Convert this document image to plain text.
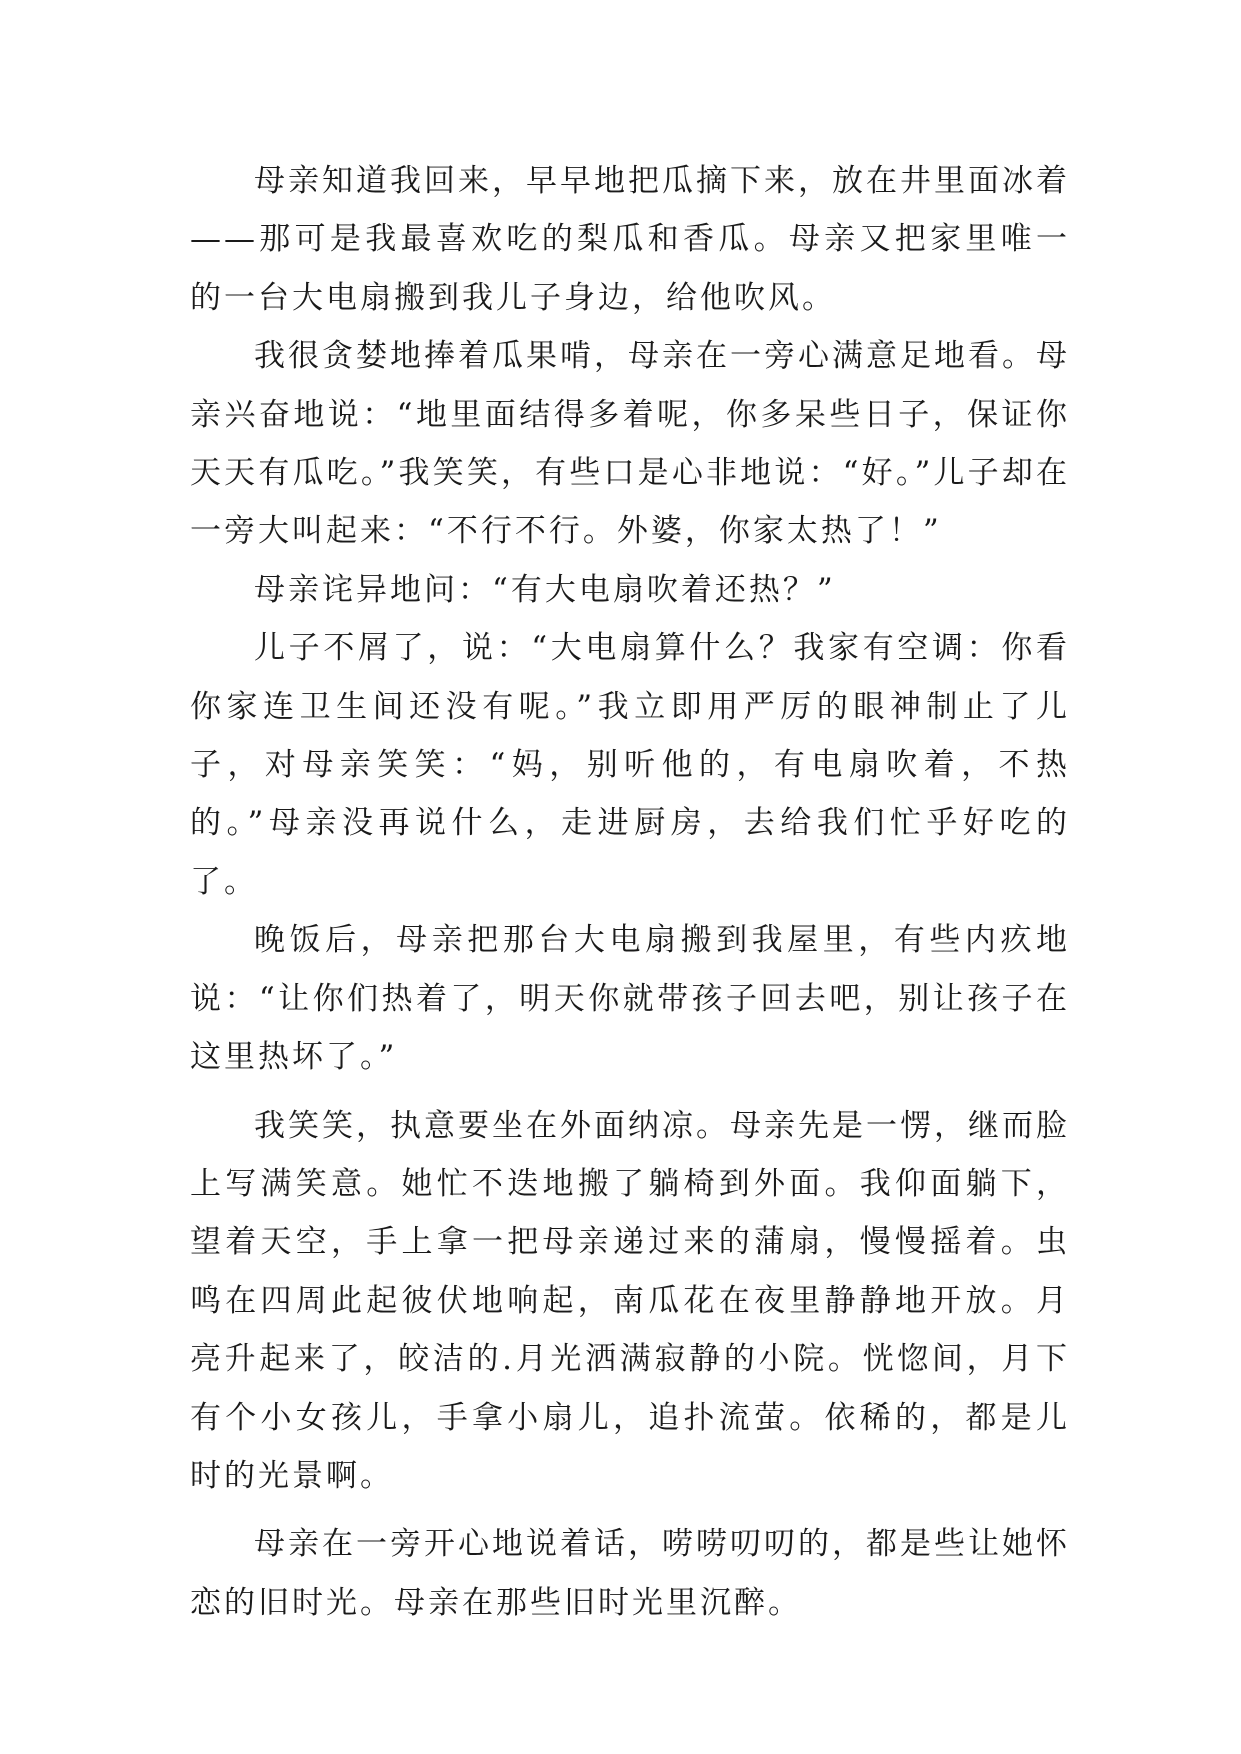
母亲知道我回来，早早地把瓜摘下来，放在井里面冰着——那可是我最喜欢吃的梨瓜和香瓜。母亲又把家里唯一的一台大电扇搬到我儿子身边，给他吹风。

我很贪婪地捧着瓜果啃，母亲在一旁心满意足地看。母亲兴奋地说：“地里面结得多着呢，你多呆些日子，保证你天天有瓜吃。”我笑笑，有些口是心非地说：“好。”儿子却在一旁大叫起来：“不行不行。外婆，你家太热了！”

母亲诧异地问：“有大电扇吹着还热？”

儿子不屑了，说：“大电扇算什么？我家有空调：你看你家连卫生间还没有呢。”我立即用严厉的眼神制止了儿子，对母亲笑笑：“妈，别听他的，有电扇吹着，不热的。”母亲没再说什么，走进厨房，去给我们忙乎好吃的了。

晚饭后，母亲把那台大电扇搬到我屋里，有些内疚地说：“让你们热着了，明天你就带孩子回去吧，别让孩子在这里热坏了。”

我笑笑，执意要坐在外面纳凉。母亲先是一愣，继而脸上写满笑意。她忙不迭地搬了躺椅到外面。我仰面躺下，望着天空，手上拿一把母亲递过来的蒲扇，慢慢摇着。虫鸣在四周此起彼伏地响起，南瓜花在夜里静静地开放。月亮升起来了，皎洁的.月光洒满寂静的小院。恍惚间，月下有个小女孩儿，手拿小扇儿，追扑流萤。依稀的，都是儿时的光景啊。

母亲在一旁开心地说着话，唠唠叨叨的，都是些让她怀恋的旧时光。母亲在那些旧时光里沉醉。
